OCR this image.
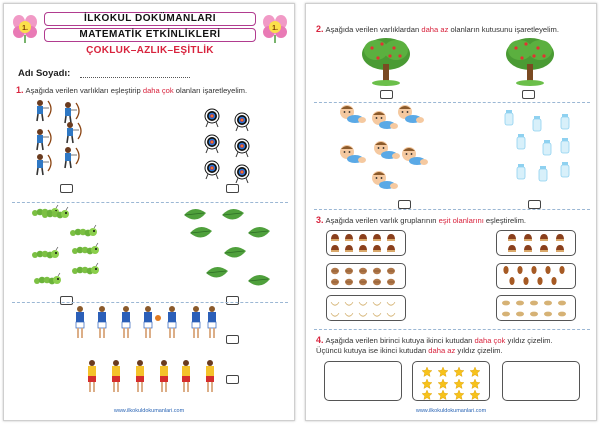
1.
İLKOKUL DOKÜMANLARI
MATEMATİK ETKİNLİKLERİ
ÇOKLUK–AZLIK–EŞİTLİK
1.
Adı Soyadı:
1. Aşağıda verilen varlıkları eşleştirip daha çok olanları işaretleyelim.
www.ilkokuldokumanlari.com
2. Aşağıda verilen varlıklardan daha az olanların kutusunu işaretleyelim.
3. Aşağıda verilen varlık gruplarının eşit olanlarını eşleştirelim.
4. Aşağıda verilen birinci kutuya ikinci kutudan daha çok yıldız çizelim.
Üçüncü kutuya ise ikinci kutudan daha az yıldız çizelim.
www.ilkokuldokumanlari.com
